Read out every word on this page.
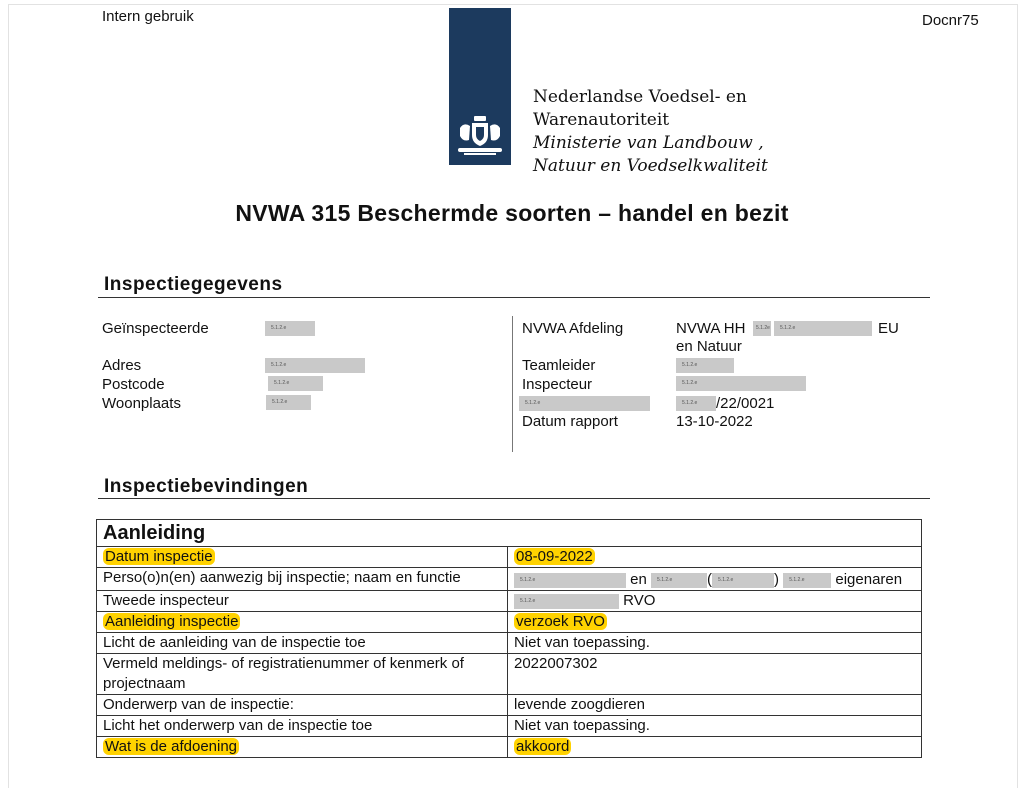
Intern gebruik	Docnr75
Nederlandse Voedsel- en
Warenautoriteit
Ministerie van Landbouw ,
Natuur en Voedselkwaliteit
NVWA 315 Beschermde soorten – handel en bezit
Inspectiegegevens
Geïnspecteerde	5.1.2.e
Adres	5.1.2.e
Postcode	5.1.2.e
Woonplaats	5.1.2.e
NVWA Afdeling	NVWA HH	5.1.2e	5.1.2.e	EU
en Natuur
Teamleider	5.1.2.e
Inspecteur	5.1.2.e
5.1.2.e	5.1.2.e	/22/0021
Datum rapport	13-10-2022
Inspectiebevindingen
Aanleiding	
Datum inspectie	08-09-2022
Perso(o)n(en) aanwezig bij inspectie; naam en functie	5.1.2.e en 5.1.2.e ( 5.1.2.e ) 5.1.2.e eigenaren
Tweede inspecteur	5.1.2.e RVO
Aanleiding inspectie	verzoek RVO
Licht de aanleiding van de inspectie toe	Niet van toepassing.
Vermeld meldings- of registratienummer of kenmerk of projectnaam	2022007302
Onderwerp van de inspectie:	levende zoogdieren
Licht het onderwerp van de inspectie toe	Niet van toepassing.
Wat is de afdoening	akkoord
